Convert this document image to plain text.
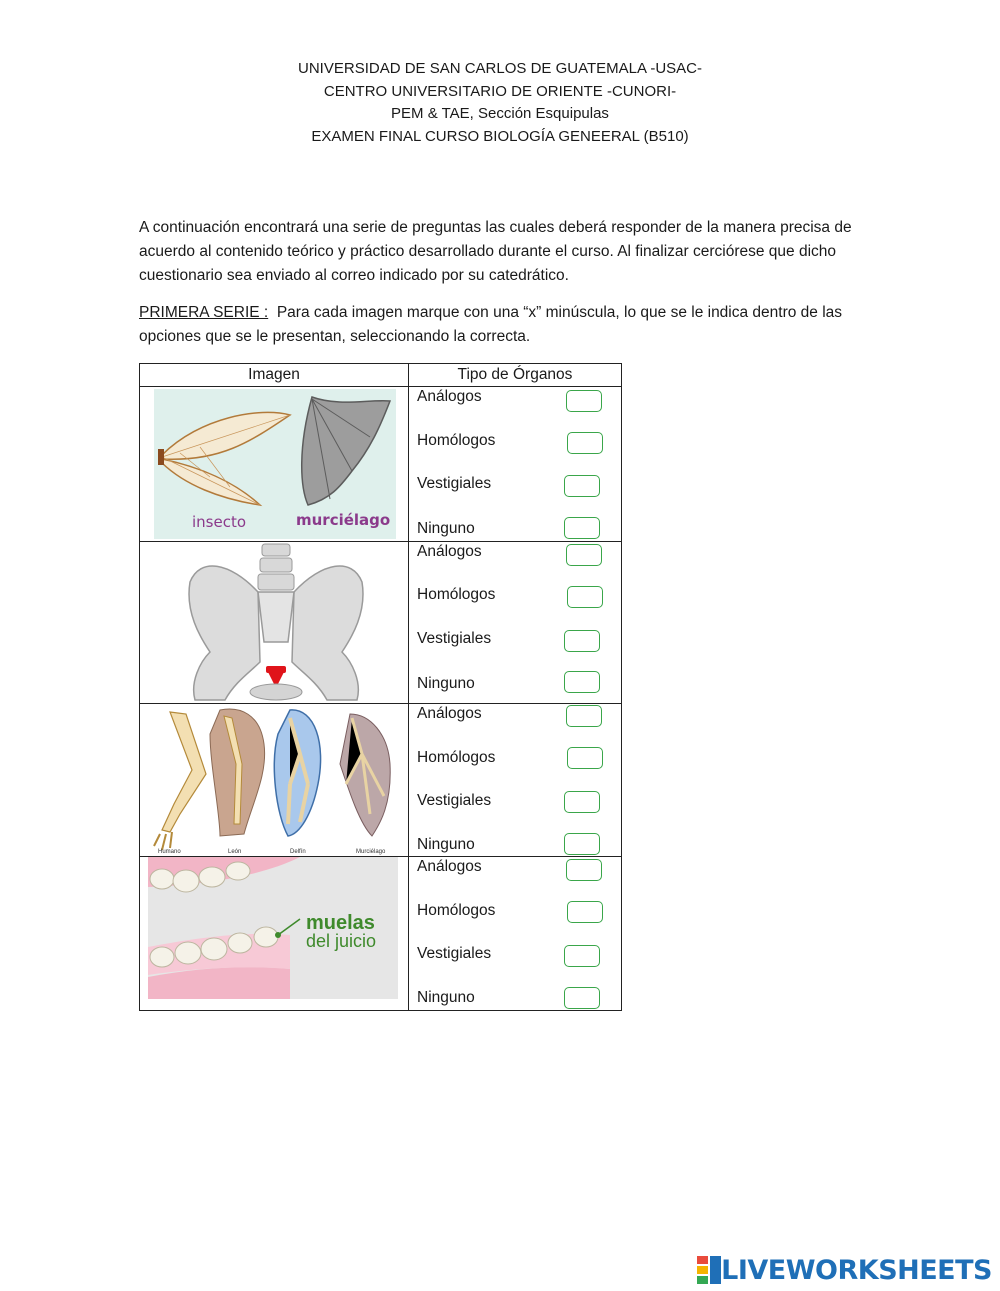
UNIVERSIDAD DE SAN CARLOS DE GUATEMALA -USAC-
CENTRO UNIVERSITARIO DE ORIENTE -CUNORI-
PEM & TAE, Sección Esquipulas
EXAMEN FINAL CURSO BIOLOGÍA GENEERAL (B510)

A continuación encontrará una serie de preguntas las cuales deberá responder de la manera precisa de acuerdo al contenido teórico y práctico desarrollado durante el curso. Al finalizar cerciórese que dicho cuestionario sea enviado al correo indicado por su catedrático.

PRIMERA SERIE : Para cada imagen marque con una “x” minúscula, lo que se le indica dentro de las opciones que se le presentan, seleccionando la correcta.

Imagen	Tipo de Órganos

insecto murciélago	Análogos
Homólogos
Vestigiales
Ninguno

Análogos
Homólogos
Vestigiales
Ninguno

Humano León Delfín Murciélago	Análogos
Homólogos
Vestigiales
Ninguno

muelas
del juicio	Análogos
Homólogos
Vestigiales
Ninguno
LIVEWORKSHEETS
